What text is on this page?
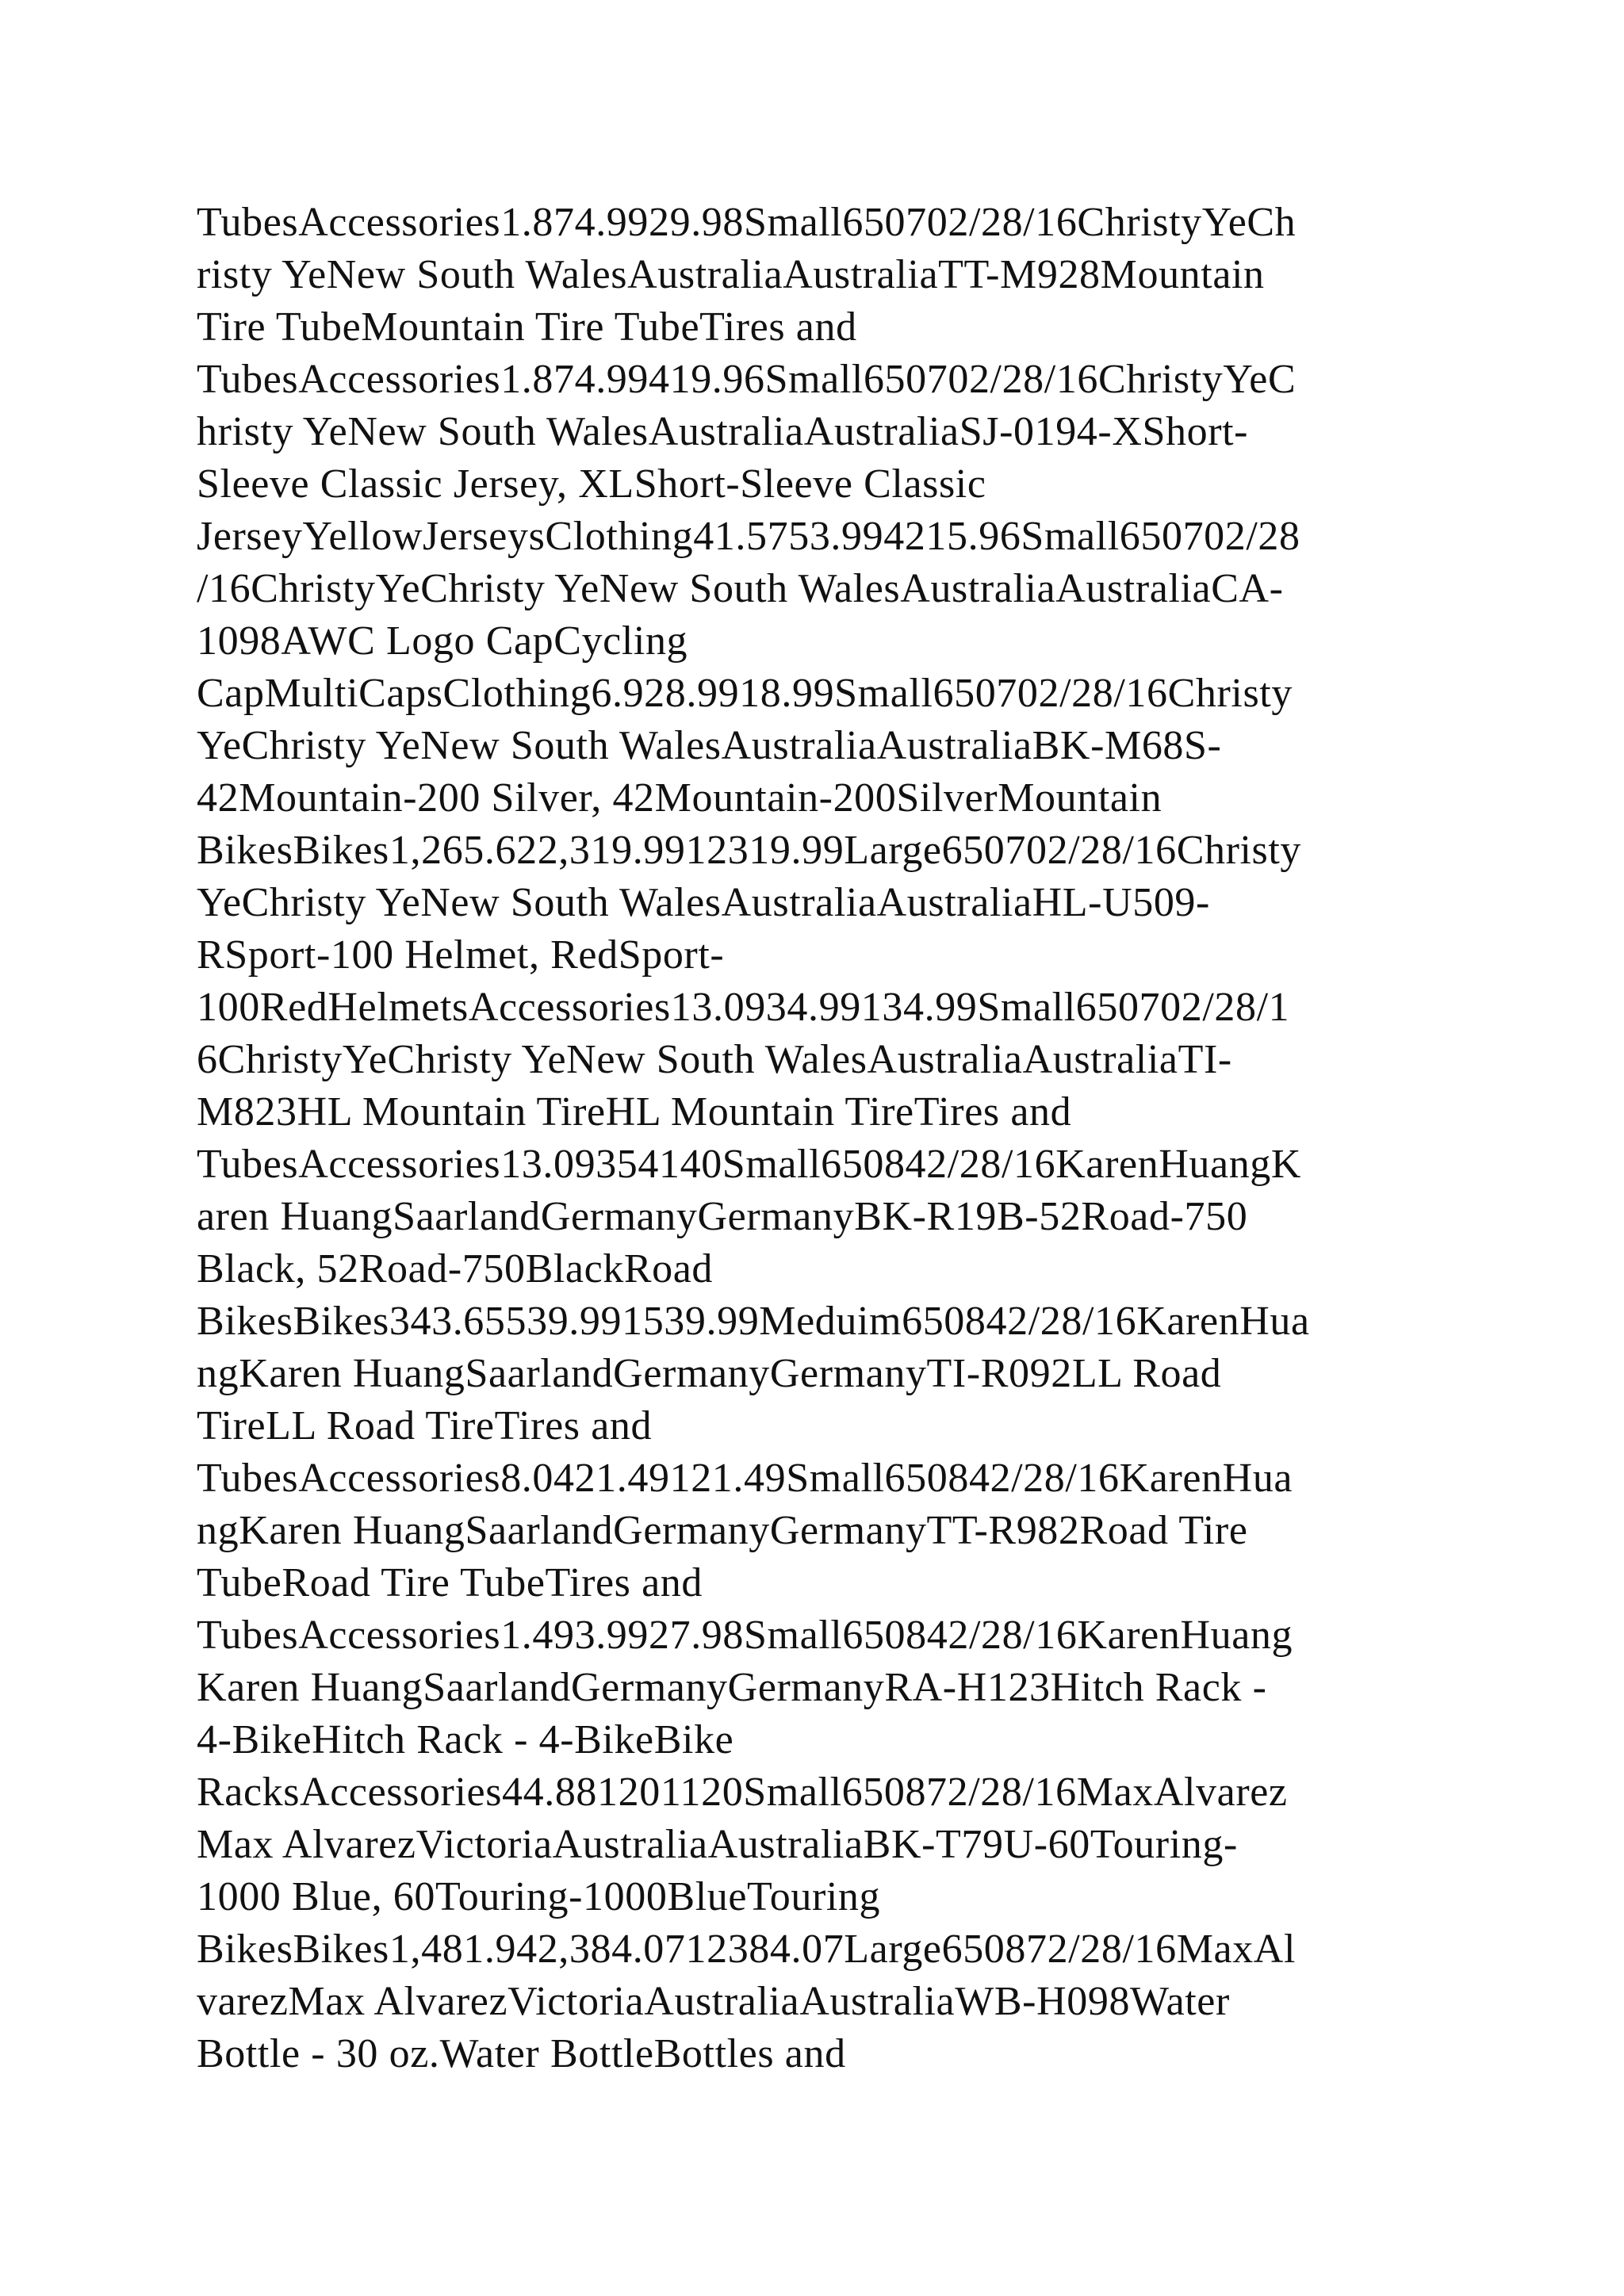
TubesAccessories1.874.9929.98Small650702/28/16ChristyYeCh
risty YeNew South WalesAustraliaAustraliaTT-M928Mountain
Tire TubeMountain Tire TubeTires and
TubesAccessories1.874.99419.96Small650702/28/16ChristyYeC
hristy YeNew South WalesAustraliaAustraliaSJ-0194-XShort-
Sleeve Classic Jersey, XLShort-Sleeve Classic
JerseyYellowJerseysClothing41.5753.994215.96Small650702/28
/16ChristyYeChristy YeNew South WalesAustraliaAustraliaCA-
1098AWC Logo CapCycling
CapMultiCapsClothing6.928.9918.99Small650702/28/16Christy
YeChristy YeNew South WalesAustraliaAustraliaBK-M68S-
42Mountain-200 Silver, 42Mountain-200SilverMountain
BikesBikes1,265.622,319.9912319.99Large650702/28/16Christy
YeChristy YeNew South WalesAustraliaAustraliaHL-U509-
RSport-100 Helmet, RedSport-
100RedHelmetsAccessories13.0934.99134.99Small650702/28/1
6ChristyYeChristy YeNew South WalesAustraliaAustraliaTI-
M823HL Mountain TireHL Mountain TireTires and
TubesAccessories13.09354140Small650842/28/16KarenHuangK
aren HuangSaarlandGermanyGermanyBK-R19B-52Road-750
Black, 52Road-750BlackRoad
BikesBikes343.65539.991539.99Meduim650842/28/16KarenHua
ngKaren HuangSaarlandGermanyGermanyTI-R092LL Road
TireLL Road TireTires and
TubesAccessories8.0421.49121.49Small650842/28/16KarenHua
ngKaren HuangSaarlandGermanyGermanyTT-R982Road Tire
TubeRoad Tire TubeTires and
TubesAccessories1.493.9927.98Small650842/28/16KarenHuang
Karen HuangSaarlandGermanyGermanyRA-H123Hitch Rack -
4-BikeHitch Rack - 4-BikeBike
RacksAccessories44.881201120Small650872/28/16MaxAlvarez
Max AlvarezVictoriaAustraliaAustraliaBK-T79U-60Touring-
1000 Blue, 60Touring-1000BlueTouring
BikesBikes1,481.942,384.0712384.07Large650872/28/16MaxAl
varezMax AlvarezVictoriaAustraliaAustraliaWB-H098Water
Bottle - 30 oz.Water BottleBottles and
